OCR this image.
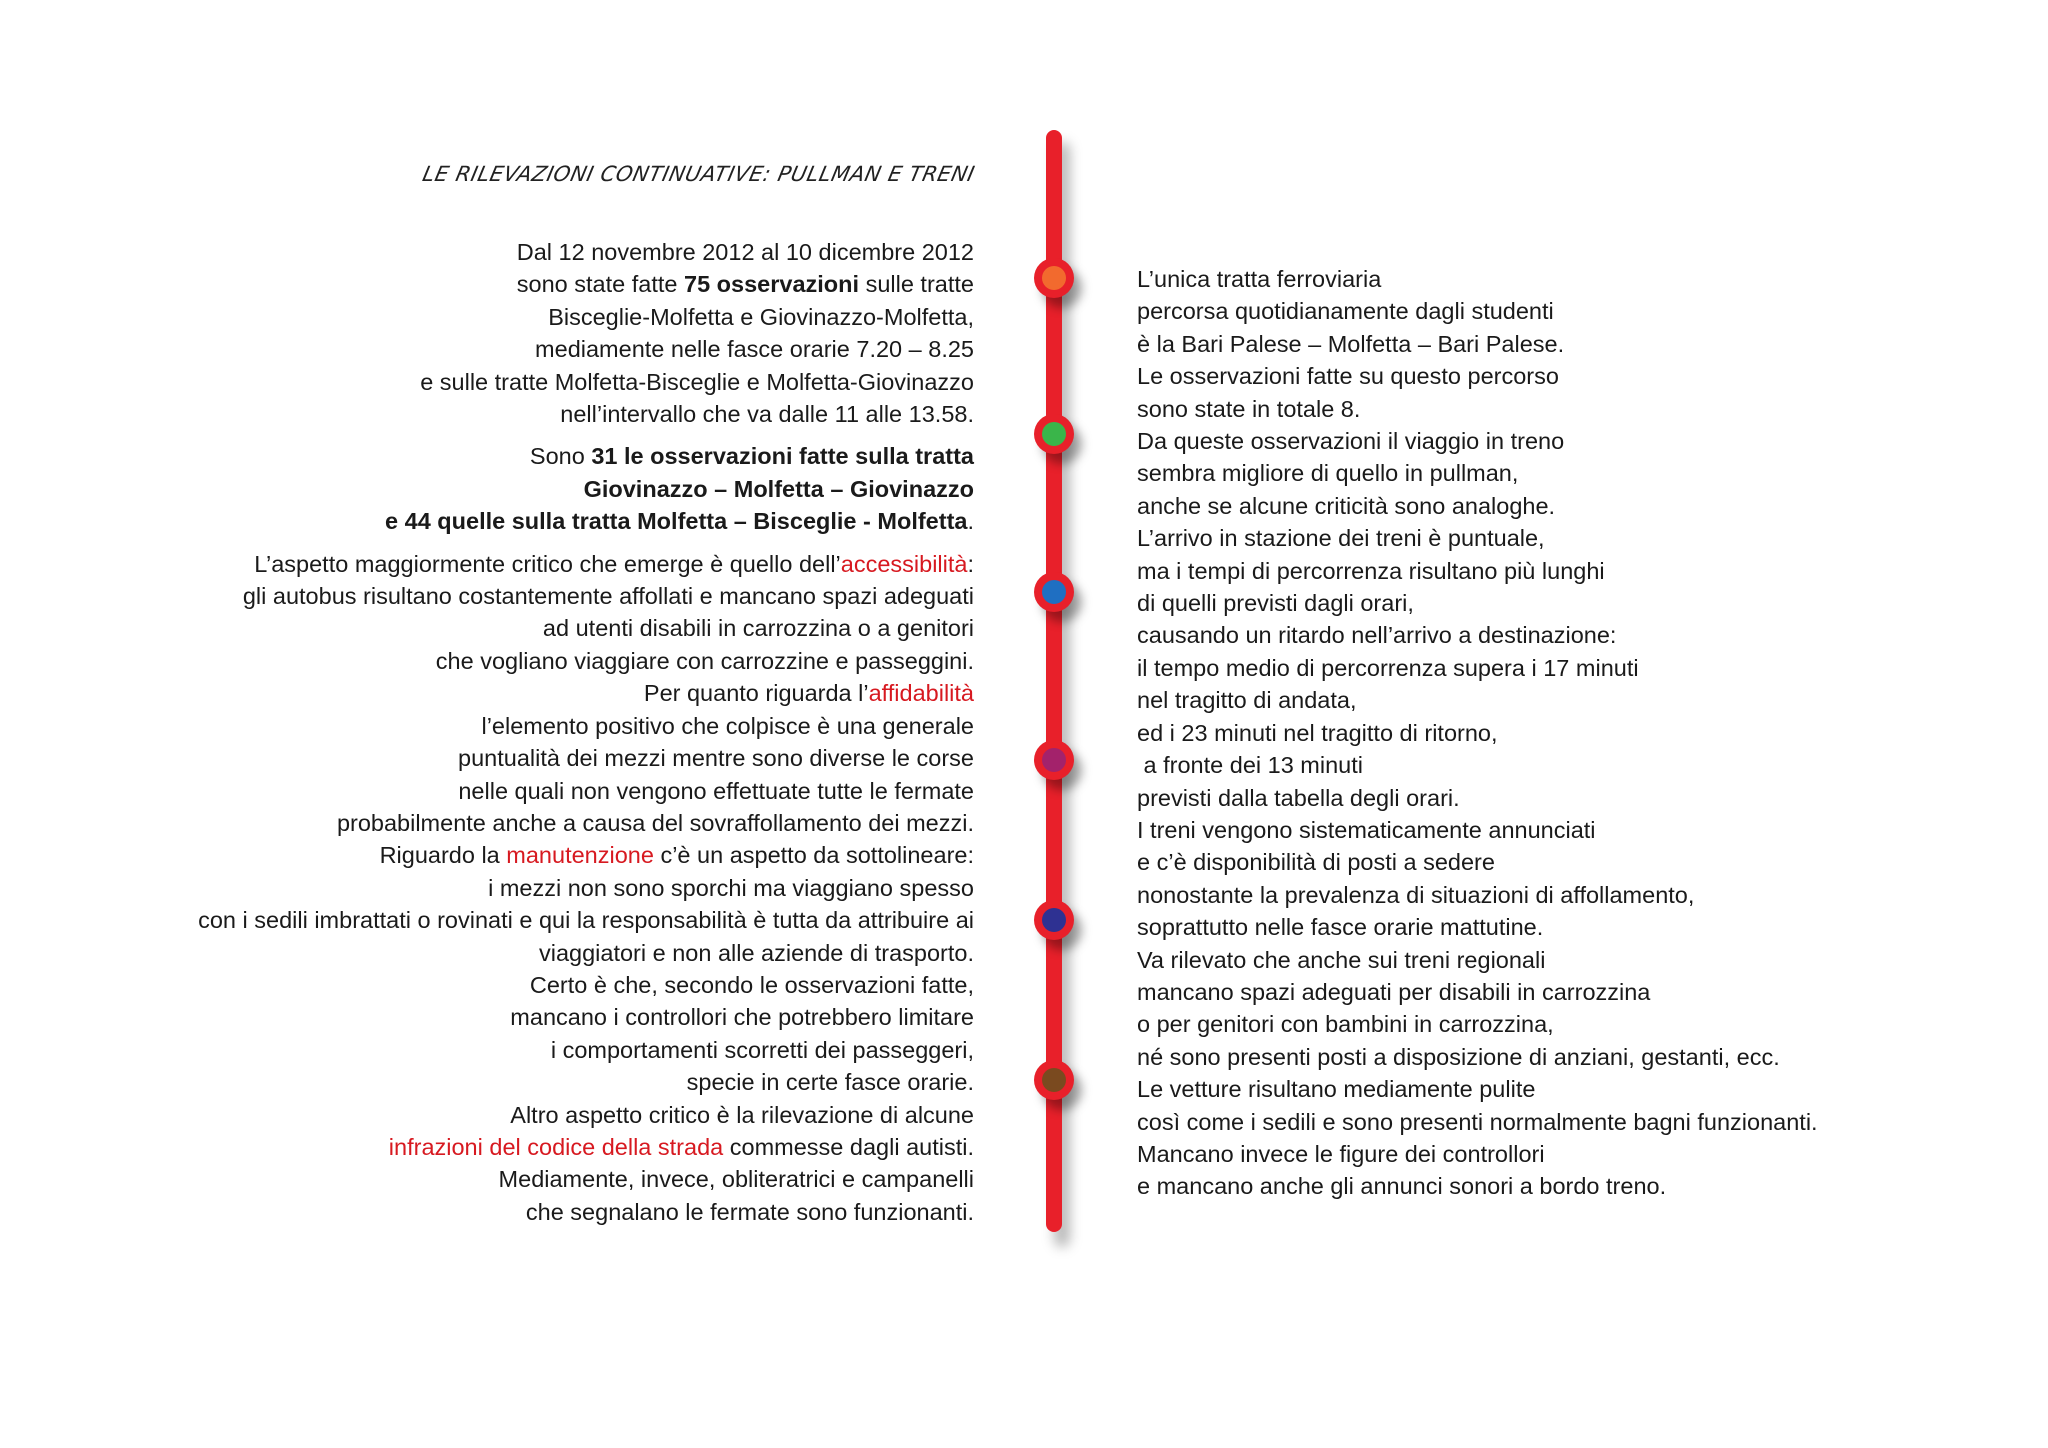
LE RILEVAZIONI CONTINUATIVE: PULLMAN E TRENI
Dal 12 novembre 2012 al 10 dicembre 2012
sono state fatte 75 osservazioni sulle tratte
Bisceglie-Molfetta e Giovinazzo-Molfetta,
mediamente nelle fasce orarie 7.20 – 8.25
e sulle tratte Molfetta-Bisceglie e Molfetta-Giovinazzo
nell’intervallo che va dalle 11 alle 13.58.
Sono 31 le osservazioni fatte sulla tratta
Giovinazzo – Molfetta – Giovinazzo
e 44 quelle sulla tratta Molfetta – Bisceglie - Molfetta.
L’aspetto maggiormente critico che emerge è quello dell’accessibilità:
gli autobus risultano costantemente affollati e mancano spazi adeguati
ad utenti disabili in carrozzina o a genitori
che vogliano viaggiare con carrozzine e passeggini.
Per quanto riguarda l’affidabilità
l’elemento positivo che colpisce è una generale
puntualità dei mezzi mentre sono diverse le corse
nelle quali non vengono effettuate tutte le fermate
probabilmente anche a causa del sovraffollamento dei mezzi.
Riguardo la manutenzione c’è un aspetto da sottolineare:
i mezzi non sono sporchi ma viaggiano spesso
con i sedili imbrattati o rovinati e qui la responsabilità è tutta da attribuire ai
viaggiatori e non alle aziende di trasporto.
Certo è che, secondo le osservazioni fatte,
mancano i controllori che potrebbero limitare
i comportamenti scorretti dei passeggeri,
specie in certe fasce orarie.
Altro aspetto critico è la rilevazione di alcune
infrazioni del codice della strada commesse dagli autisti.
Mediamente, invece, obliteratrici e campanelli
che segnalano le fermate sono funzionanti.
L’unica tratta ferroviaria
percorsa quotidianamente dagli studenti
è la Bari Palese – Molfetta – Bari Palese.
Le osservazioni fatte su questo percorso
sono state in totale 8.
Da queste osservazioni il viaggio in treno
sembra migliore di quello in pullman,
anche se alcune criticità sono analoghe.
L’arrivo in stazione dei treni è puntuale,
ma i tempi di percorrenza risultano più lunghi
di quelli previsti dagli orari,
causando un ritardo nell’arrivo a destinazione:
il tempo medio di percorrenza supera i 17 minuti
nel tragitto di andata,
ed i 23 minuti nel tragitto di ritorno,
a fronte dei 13 minuti
previsti dalla tabella degli orari.
I treni vengono sistematicamente annunciati
e c’è disponibilità di posti a sedere
nonostante la prevalenza di situazioni di affollamento,
soprattutto nelle fasce orarie mattutine.
Va rilevato che anche sui treni regionali
mancano spazi adeguati per disabili in carrozzina
o per genitori con bambini in carrozzina,
né sono presenti posti a disposizione di anziani, gestanti, ecc.
Le vetture risultano mediamente pulite
così come i sedili e sono presenti normalmente bagni funzionanti.
Mancano invece le figure dei controllori
e mancano anche gli annunci sonori a bordo treno.
